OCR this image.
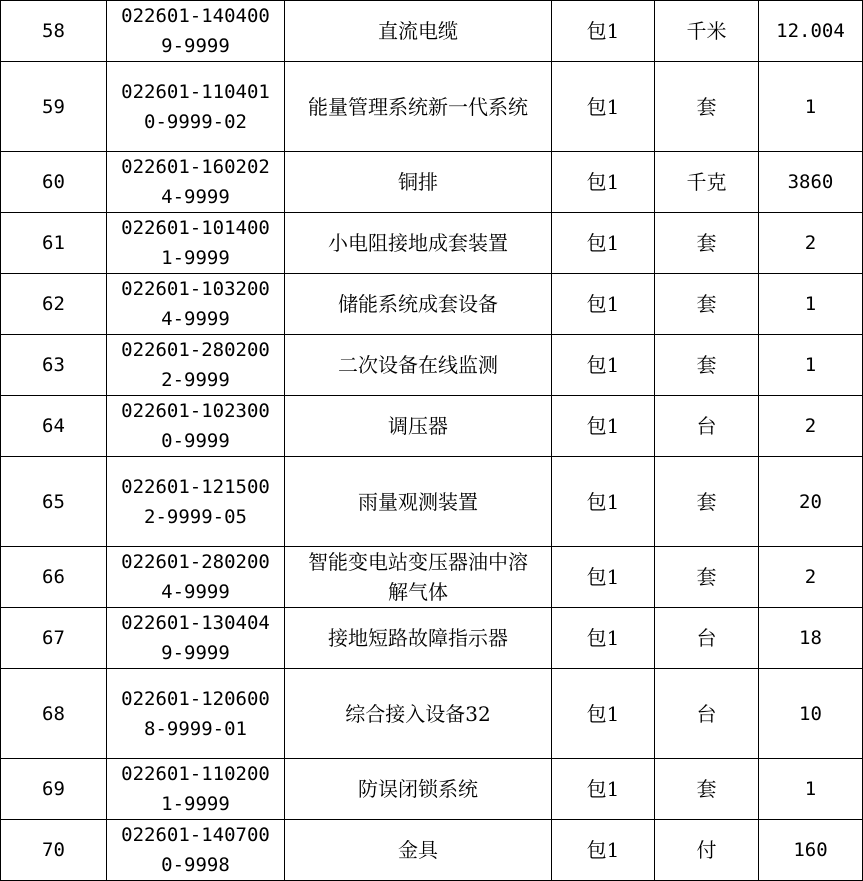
58	022601-1404009-9999	直流电缆	包1	千米	12.004
59	022601-1104010-9999-02	能量管理系统新一代系统	包1	套	1
60	022601-1602024-9999	铜排	包1	千克	3860
61	022601-1014001-9999	小电阻接地成套装置	包1	套	2
62	022601-1032004-9999	储能系统成套设备	包1	套	1
63	022601-2802002-9999	二次设备在线监测	包1	套	1
64	022601-1023000-9999	调压器	包1	台	2
65	022601-1215002-9999-05	雨量观测装置	包1	套	20
66	022601-2802004-9999	智能变电站变压器油中溶解气体	包1	套	2
67	022601-1304049-9999	接地短路故障指示器	包1	台	18
68	022601-1206008-9999-01	综合接入设备32	包1	台	10
69	022601-1102001-9999	防误闭锁系统	包1	套	1
70	022601-1407000-9998	金具	包1	付	160
